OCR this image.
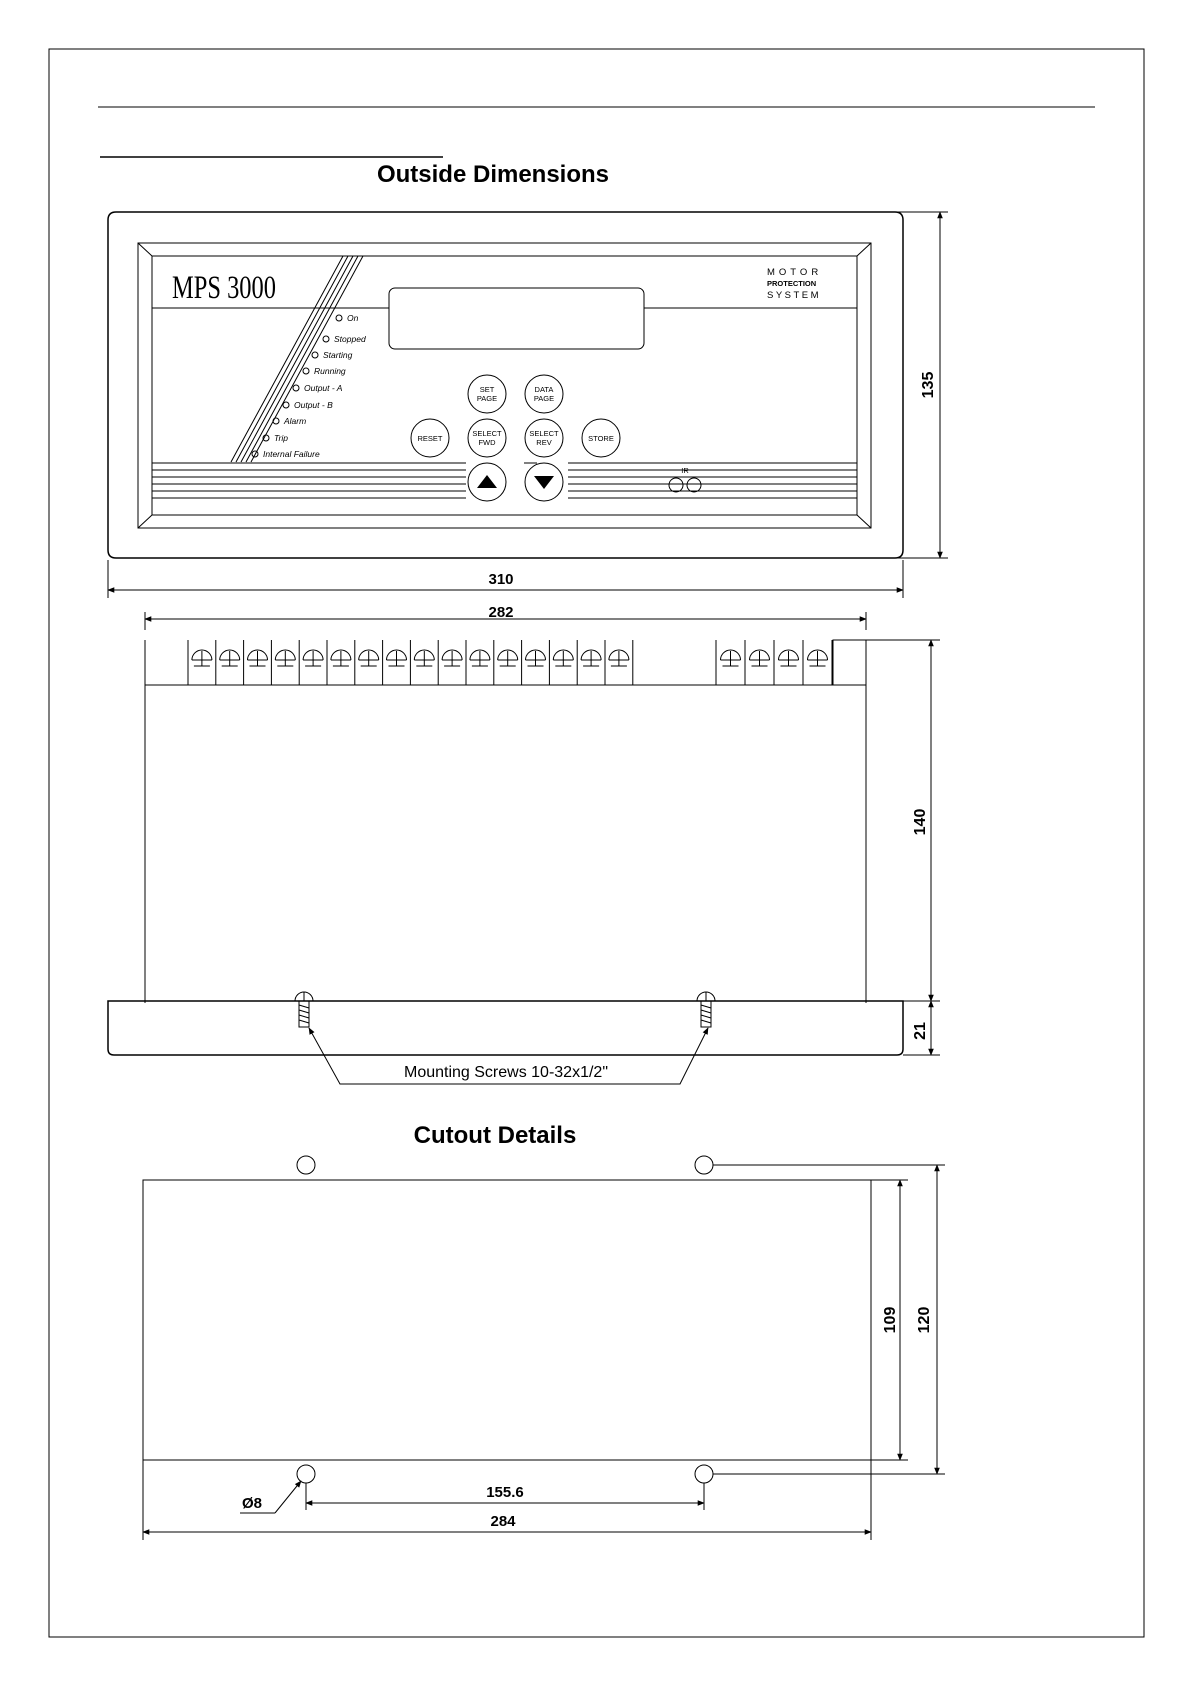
Outside Dimensions
MPS 3000	MOTOR
PROTECTION
SYSTEM
On
Stopped
Starting
Running
Output - A
Output - B
Alarm
Trip
Internal Failure
SET
PAGE
DATA
PAGE
RESET
SELECT
FWD
SELECT
REV	STORE
IR
135
310
282
Mounting Screws 10-32x1/2"
140
21
Cutout Details
109 120
155.6
284
Ø8
